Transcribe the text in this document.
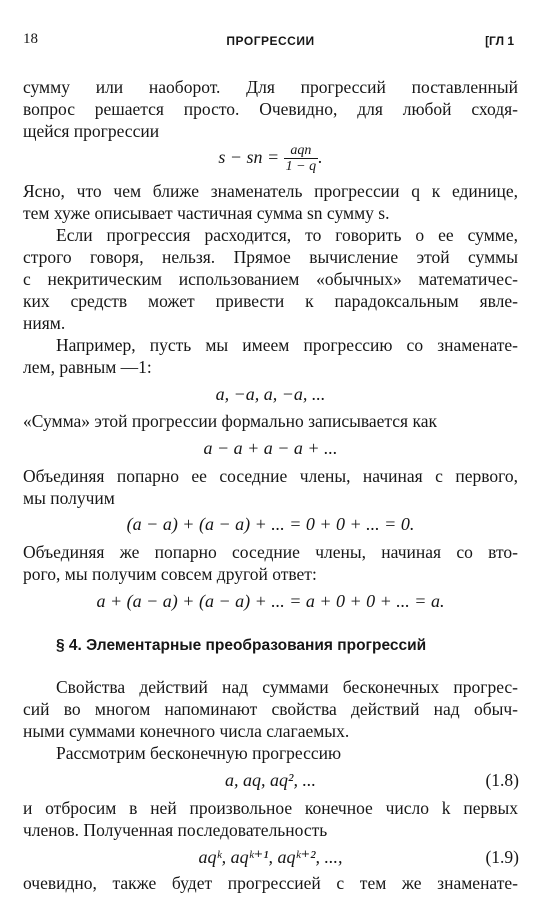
18	ПРОГРЕССИИ	[ГЛ 1
сумму или наоборот. Для прогрессий поставленный
вопрос решается просто. Очевидно, для любой сходя-
щейся прогрессии
s − sn = $\frac{\text{aqn}}{1 - q}$ .
Ясно, что чем ближе знаменатель прогрессии q к единице,
тем хуже описывает частичная сумма sn сумму s.
Если прогрессия расходится, то говорить о ее сумме,
строго говоря, нельзя. Прямое вычисление этой суммы
с некритическим использованием «обычных» математичес-
ких средств может привести к парадоксальным явле-
ниям.
Например, пусть мы имеем прогрессию со знаменате-
лем, равным —1:
a, −a, a, −a, ...
«Сумма» этой прогрессии формально записывается как
a − a + a − a + ...
Объединяя попарно ее соседние члены, начиная с первого,
мы получим
(a − a) + (a − a) + ... = 0 + 0 + ... = 0.
Объединяя же попарно соседние члены, начиная со вто-
рого, мы получим совсем другой ответ:
a + (a − a) + (a − a) + ... = a + 0 + 0 + ... = a.
§ 4. Элементарные преобразования прогрессий
Свойства действий над суммами бесконечных прогрес-
сий во многом напоминают свойства действий над обыч-
ными суммами конечного числа слагаемых.
Рассмотрим бесконечную прогрессию
a, aq, aq², ...	(1.8)
и отбросим в ней произвольное конечное число k первых
членов. Полученная последовательность
aqᵏ, aqᵏ⁺¹, aqᵏ⁺², ...,	(1.9)
очевидно, также будет прогрессией с тем же знаменате-
